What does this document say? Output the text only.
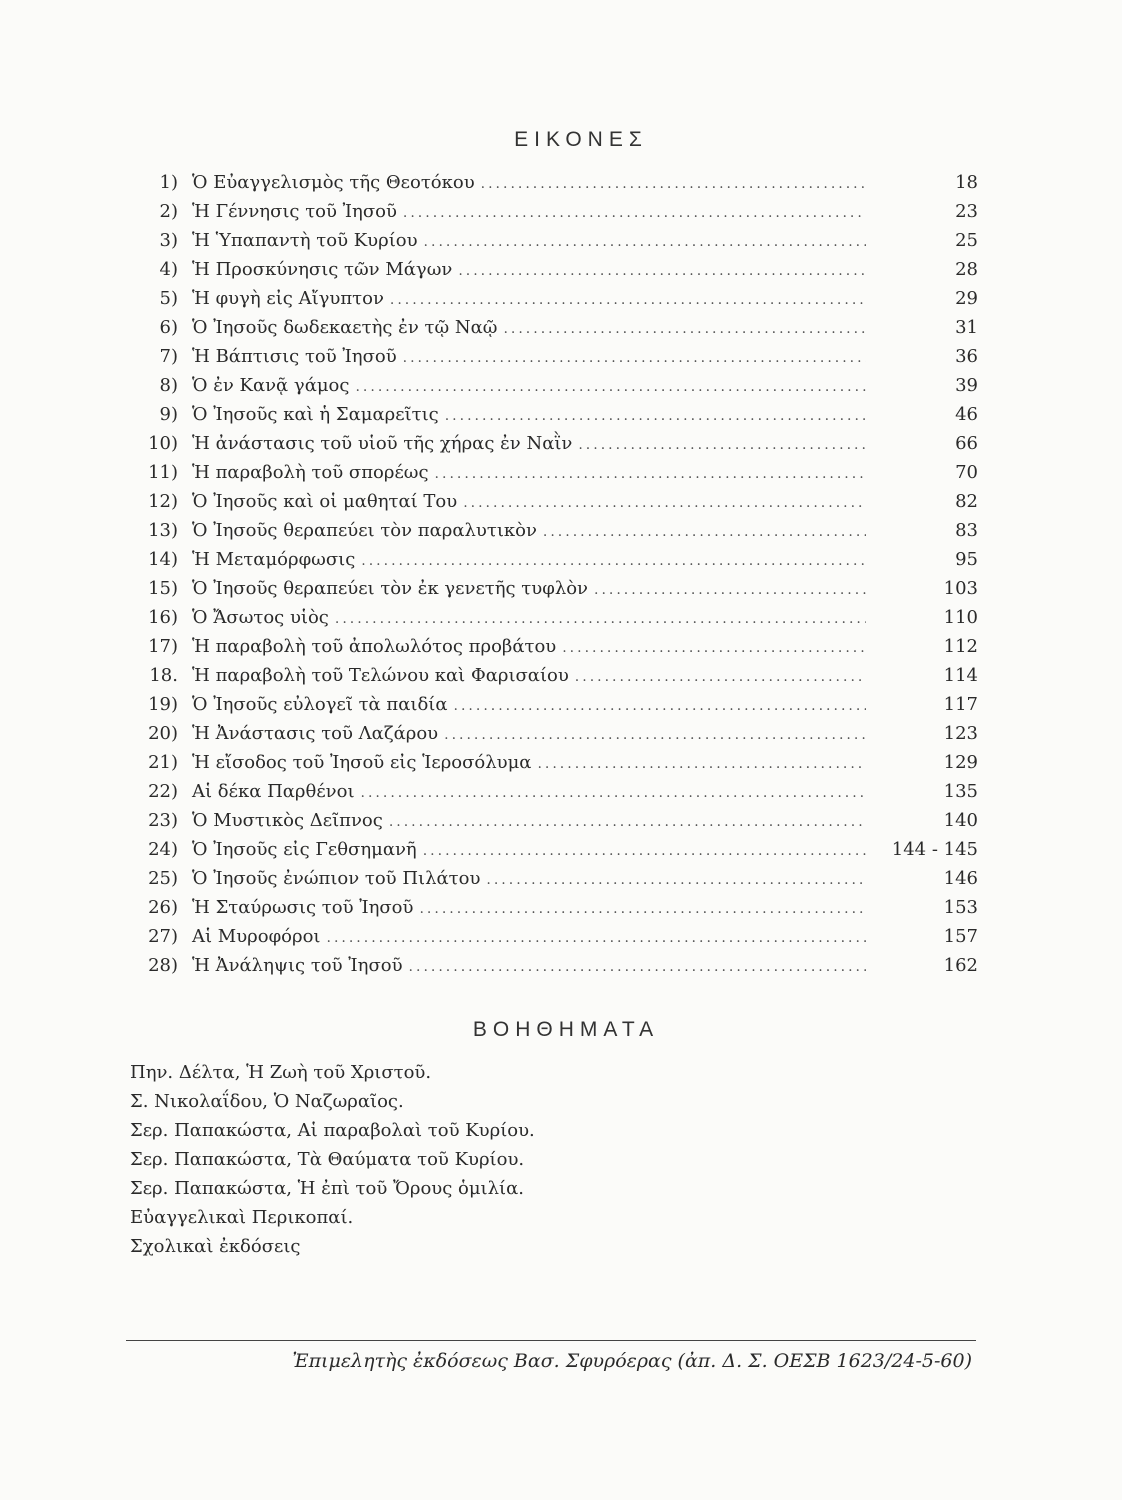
ΕΙΚΟΝΕΣ
1) Ὁ Εὐαγγελισμὸς τῆς Θεοτόκου .....	18
2) Ἡ Γέννησις τοῦ Ἰησοῦ .....	23
3) Ἡ Ὑπαπαντὴ τοῦ Κυρίου .....	25
4) Ἡ Προσκύνησις τῶν Μάγων .....	28
5) Ἡ φυγὴ εἰς Αἴγυπτον .....	29
6) Ὁ Ἰησοῦς δωδεκαετὴς ἐν τῷ Ναῷ .....	31
7) Ἡ Βάπτισις τοῦ Ἰησοῦ .....	36
8) Ὁ ἐν Κανᾷ γάμος .....	39
9) Ὁ Ἰησοῦς καὶ ἡ Σαμαρεῖτις .....	46
10) Ἡ ἀνάστασις τοῦ υἱοῦ τῆς χήρας ἐν Ναῒν .....	66
11) Ἡ παραβολὴ τοῦ σπορέως .....	70
12) Ὁ Ἰησοῦς καὶ οἱ μαθηταί Του .....	82
13) Ὁ Ἰησοῦς θεραπεύει τὸν παραλυτικὸν .....	83
14) Ἡ Μεταμόρφωσις .....	95
15) Ὁ Ἰησοῦς θεραπεύει τὸν ἐκ γενετῆς τυφλὸν .....	103
16) Ὁ Ἄσωτος υἱὸς .....	110
17) Ἡ παραβολὴ τοῦ ἀπολωλότος προβάτου .....	112
18. Ἡ παραβολὴ τοῦ Τελώνου καὶ Φαρισαίου .....	114
19) Ὁ Ἰησοῦς εὐλογεῖ τὰ παιδία .....	117
20) Ἡ Ἀνάστασις τοῦ Λαζάρου .....	123
21) Ἡ εἴσοδος τοῦ Ἰησοῦ εἰς Ἱεροσόλυμα .....	129
22) Αἱ δέκα Παρθένοι .....	135
23) Ὁ Μυστικὸς Δεῖπνος .....	140
24) Ὁ Ἰησοῦς εἰς Γεθσημανῆ .....	144 - 145
25) Ὁ Ἰησοῦς ἐνώπιον τοῦ Πιλάτου .....	146
26) Ἡ Σταύρωσις τοῦ Ἰησοῦ .....	153
27) Αἱ Μυροφόροι .....	157
28) Ἡ Ἀνάληψις τοῦ Ἰησοῦ .....	162
ΒΟΗΘΗΜΑΤΑ
Πην. Δέλτα, Ἡ Ζωὴ τοῦ Χριστοῦ.
Σ. Νικολαΐδου, Ὁ Ναζωραῖος.
Σερ. Παπακώστα, Αἱ παραβολαὶ τοῦ Κυρίου.
Σερ. Παπακώστα, Τὰ Θαύματα τοῦ Κυρίου.
Σερ. Παπακώστα, Ἡ ἐπὶ τοῦ Ὄρους ὁμιλία.
Εὐαγγελικαὶ Περικοπαί.
Σχολικαὶ ἐκδόσεις
Ἐπιμελητὴς ἐκδόσεως Βασ. Σφυρόερας (ἀπ. Δ. Σ. ΟΕΣΒ 1623/24-5-60)
